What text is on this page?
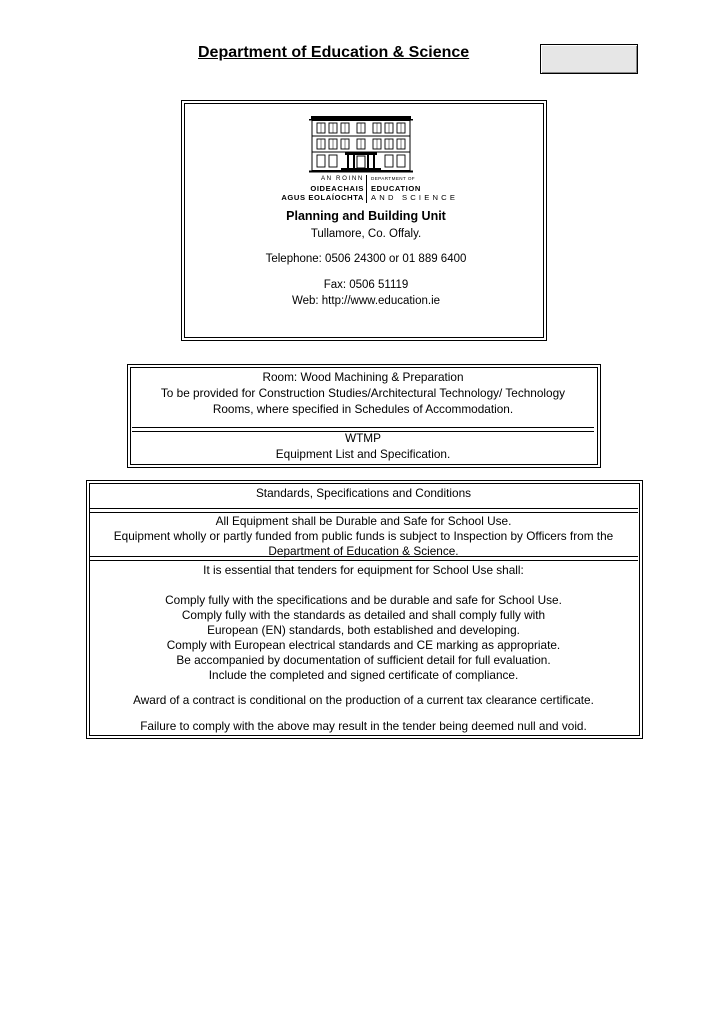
Department of Education & Science
AN ROINN
OIDEACHAIS
AGUS EOLAÍOCHTA
DEPARTMENT OF
EDUCATION
AND SCIENCE
Planning and Building Unit
Tullamore, Co. Offaly.
Telephone: 0506 24300 or 01 889 6400
Fax: 0506 51119
Web: http://www.education.ie
Room: Wood Machining & Preparation
To be provided for Construction Studies/Architectural Technology/ Technology
Rooms, where specified in Schedules of Accommodation.
WTMP
Equipment List and Specification.
Standards, Specifications and Conditions
All Equipment shall be Durable and Safe for School Use.
Equipment wholly or partly funded from public funds is subject to Inspection by Officers from the
Department of Education & Science.
It is essential that tenders for equipment for School Use shall:
Comply fully with the specifications and be durable and safe for School Use.
Comply fully with the standards as detailed and shall comply fully with
European (EN) standards, both established and developing.
Comply with European electrical standards and CE marking as appropriate.
Be accompanied by documentation of sufficient detail for full evaluation.
Include the completed and signed certificate of compliance.
Award of a contract is conditional on the production of a current tax clearance certificate.
Failure to comply with the above may result in the tender being deemed null and void.
